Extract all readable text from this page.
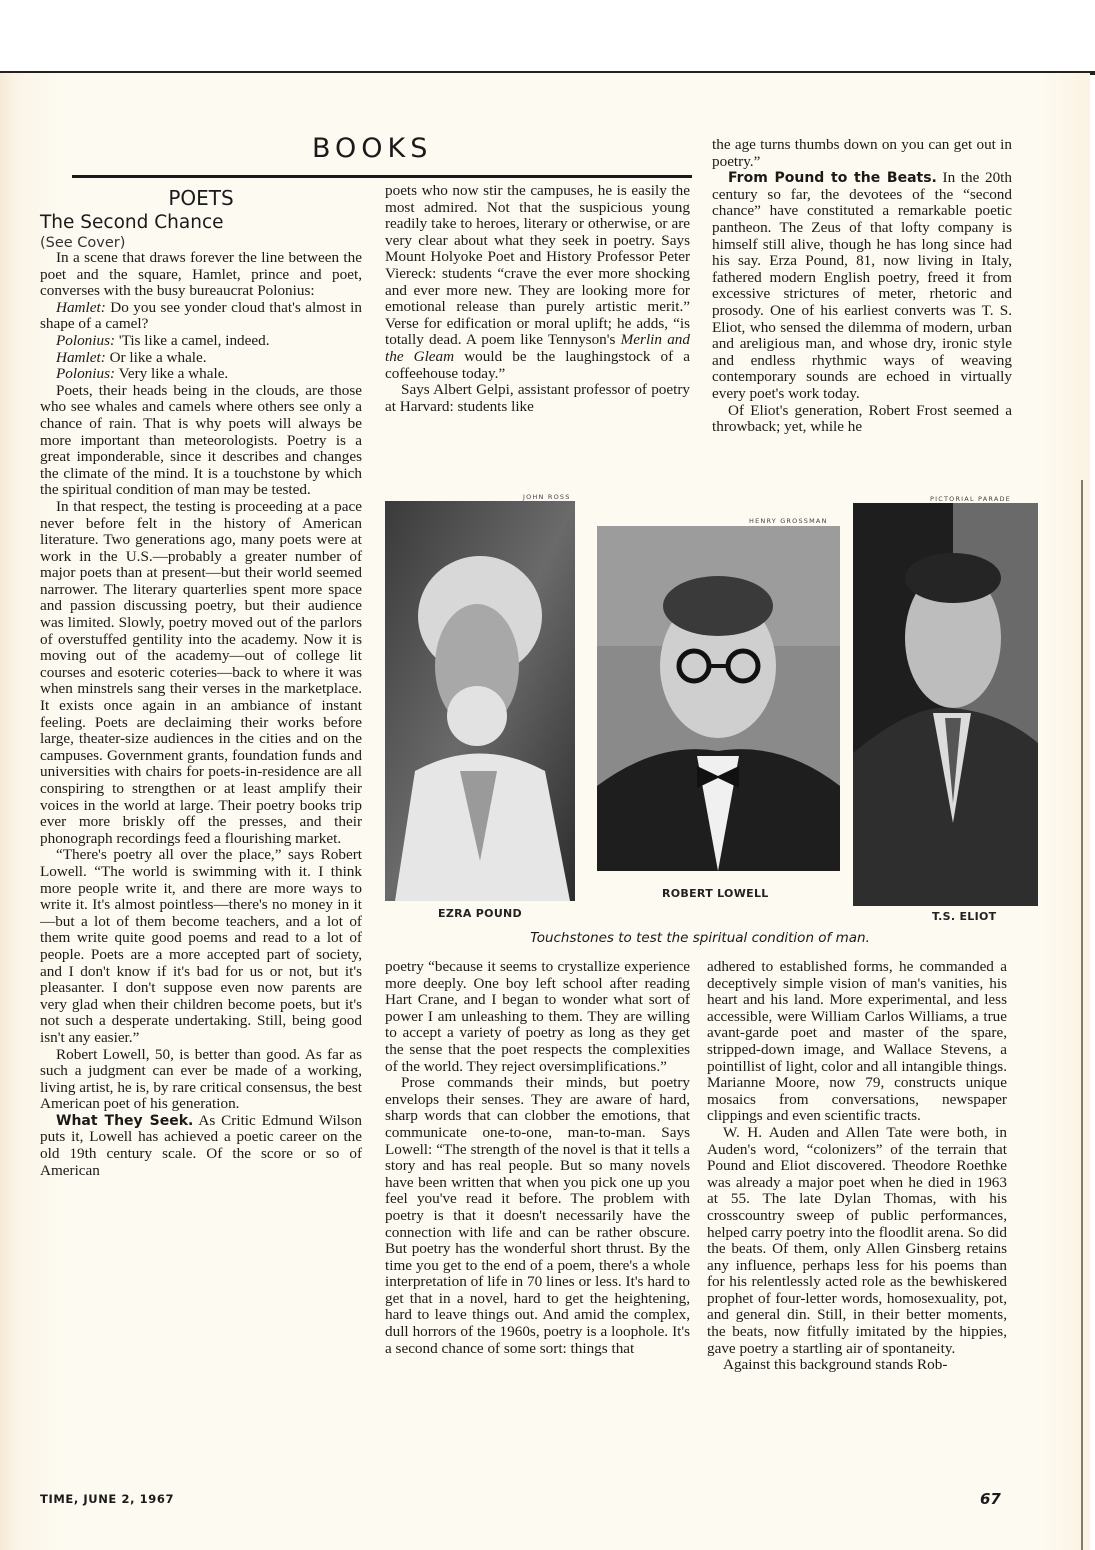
BOOKS
POETS
The Second Chance
(See Cover)

In a scene that draws forever the line between the poet and the square, Hamlet, prince and poet, converses with the busy bureaucrat Polonius:

Hamlet: Do you see yonder cloud that's almost in shape of a camel?

Polonius: 'Tis like a camel, indeed.

Hamlet: Or like a whale.

Polonius: Very like a whale.

Poets, their heads being in the clouds, are those who see whales and camels where others see only a chance of rain. That is why poets will always be more important than meteorologists. Poetry is a great imponderable, since it describes and changes the climate of the mind. It is a touchstone by which the spiritual condition of man may be tested.

In that respect, the testing is proceeding at a pace never before felt in the history of American literature. Two generations ago, many poets were at work in the U.S.—probably a greater number of major poets than at present—but their world seemed narrower. The literary quarterlies spent more space and passion discussing poetry, but their audience was limited. Slowly, poetry moved out of the parlors of overstuffed gentility into the academy. Now it is moving out of the academy—out of college lit courses and esoteric coteries—back to where it was when minstrels sang their verses in the marketplace. It exists once again in an ambiance of instant feeling. Poets are declaiming their works before large, theater-size audiences in the cities and on the campuses. Government grants, foundation funds and universities with chairs for poets-in-residence are all conspiring to strengthen or at least amplify their voices in the world at large. Their poetry books trip ever more briskly off the presses, and their phonograph recordings feed a flourishing market.

“There's poetry all over the place,” says Robert Lowell. “The world is swimming with it. I think more people write it, and there are more ways to write it. It's almost pointless—there's no money in it—but a lot of them become teachers, and a lot of them write quite good poems and read to a lot of people. Poets are a more accepted part of society, and I don't know if it's bad for us or not, but it's pleasanter. I don't suppose even now parents are very glad when their children become poets, but it's not such a desperate undertaking. Still, being good isn't any easier.”

Robert Lowell, 50, is better than good. As far as such a judgment can ever be made of a working, living artist, he is, by rare critical consensus, the best American poet of his generation.

What They Seek. As Critic Edmund Wilson puts it, Lowell has achieved a poetic career on the old 19th century scale. Of the score or so of American

poets who now stir the campuses, he is easily the most admired. Not that the suspicious young readily take to heroes, literary or otherwise, or are very clear about what they seek in poetry. Says Mount Holyoke Poet and History Professor Peter Viereck: students “crave the ever more shocking and ever more new. They are looking more for emotional release than purely artistic merit.” Verse for edification or moral uplift; he adds, “is totally dead. A poem like Tennyson's Merlin and the Gleam would be the laughingstock of a coffeehouse today.”

Says Albert Gelpi, assistant professor of poetry at Harvard: students like

the age turns thumbs down on you can get out in poetry.”

From Pound to the Beats. In the 20th century so far, the devotees of the “second chance” have constituted a remarkable poetic pantheon. The Zeus of that lofty company is himself still alive, though he has long since had his say. Erza Pound, 81, now living in Italy, fathered modern English poetry, freed it from excessive strictures of meter, rhetoric and prosody. One of his earliest converts was T. S. Eliot, who sensed the dilemma of modern, urban and areligious man, and whose dry, ironic style and endless rhythmic ways of weaving contemporary sounds are echoed in virtually every poet's work today.

Of Eliot's generation, Robert Frost seemed a throwback; yet, while he

JOHN ROSS
HENRY GROSSMAN
PICTORIAL PARADE
EZRA POUND
ROBERT LOWELL
T.S. ELIOT
Touchstones to test the spiritual condition of man.

poetry “because it seems to crystallize experience more deeply. One boy left school after reading Hart Crane, and I began to wonder what sort of power I am unleashing to them. They are willing to accept a variety of poetry as long as they get the sense that the poet respects the complexities of the world. They reject oversimplifications.”

Prose commands their minds, but poetry envelops their senses. They are aware of hard, sharp words that can clobber the emotions, that communicate one-to-one, man-to-man. Says Lowell: “The strength of the novel is that it tells a story and has real people. But so many novels have been written that when you pick one up you feel you've read it before. The problem with poetry is that it doesn't necessarily have the connection with life and can be rather obscure. But poetry has the wonderful short thrust. By the time you get to the end of a poem, there's a whole interpretation of life in 70 lines or less. It's hard to get that in a novel, hard to get the heightening, hard to leave things out. And amid the complex, dull horrors of the 1960s, poetry is a loophole. It's a second chance of some sort: things that

adhered to established forms, he commanded a deceptively simple vision of man's vanities, his heart and his land. More experimental, and less accessible, were William Carlos Williams, a true avant-garde poet and master of the spare, stripped-down image, and Wallace Stevens, a pointillist of light, color and all intangible things. Marianne Moore, now 79, constructs unique mosaics from conversations, newspaper clippings and even scientific tracts.

W. H. Auden and Allen Tate were both, in Auden's word, “colonizers” of the terrain that Pound and Eliot discovered. Theodore Roethke was already a major poet when he died in 1963 at 55. The late Dylan Thomas, with his crosscountry sweep of public performances, helped carry poetry into the floodlit arena. So did the beats. Of them, only Allen Ginsberg retains any influence, perhaps less for his poems than for his relentlessly acted role as the bewhiskered prophet of four-letter words, homosexuality, pot, and general din. Still, in their better moments, the beats, now fitfully imitated by the hippies, gave poetry a startling air of spontaneity.

Against this background stands Rob-

TIME, JUNE 2, 1967	67
